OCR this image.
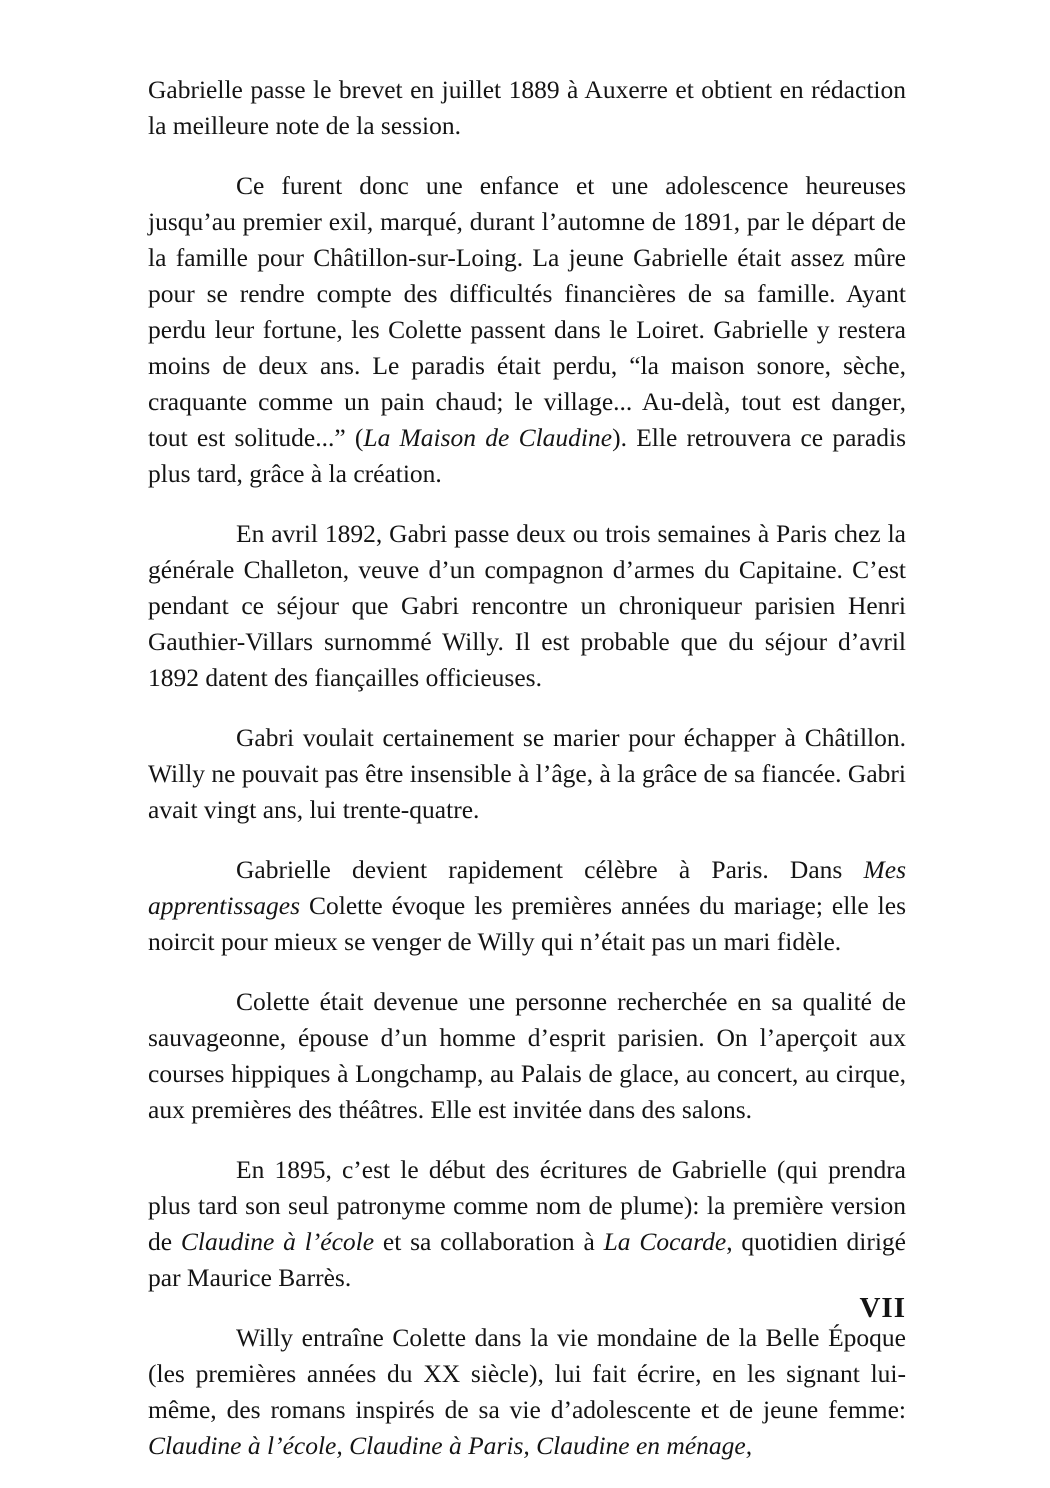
Gabrielle passe le brevet en juillet 1889 à Auxerre et obtient en rédaction la meilleure note de la session.

Ce furent donc une enfance et une adolescence heureuses jusqu’au premier exil, marqué, durant l’automne de 1891, par le départ de la famille pour Châtillon-sur-Loing. La jeune Gabrielle était assez mûre pour se rendre compte des difficultés financières de sa famille. Ayant perdu leur fortune, les Colette passent dans le Loiret. Gabrielle y restera moins de deux ans. Le paradis était perdu, “la maison sonore, sèche, craquante comme un pain chaud; le village... Au-delà, tout est danger, tout est solitude...” (La Maison de Claudine). Elle retrouvera ce paradis plus tard, grâce à la création.

En avril 1892, Gabri passe deux ou trois semaines à Paris chez la générale Challeton, veuve d’un compagnon d’armes du Capitaine. C’est pendant ce séjour que Gabri rencontre un chroniqueur parisien Henri Gauthier-Villars surnommé Willy. Il est probable que du séjour d’avril 1892 datent des fiançailles officieuses.

Gabri voulait certainement se marier pour échapper à Châtillon. Willy ne pouvait pas être insensible à l’âge, à la grâce de sa fiancée. Gabri avait vingt ans, lui trente-quatre.

Gabrielle devient rapidement célèbre à Paris. Dans Mes apprentissages Colette évoque les premières années du mariage; elle les noircit pour mieux se venger de Willy qui n’était pas un mari fidèle.

Colette était devenue une personne recherchée en sa qualité de sauvageonne, épouse d’un homme d’esprit parisien. On l’aperçoit aux courses hippiques à Longchamp, au Palais de glace, au concert, au cirque, aux premières des théâtres. Elle est invitée dans des salons.

En 1895, c’est le début des écritures de Gabrielle (qui prendra plus tard son seul patronyme comme nom de plume): la première version de Claudine à l’école et sa collaboration à La Cocarde, quotidien dirigé par Maurice Barrès.

Willy entraîne Colette dans la vie mondaine de la Belle Époque (les premières années du XX siècle), lui fait écrire, en les signant lui-même, des romans inspirés de sa vie d’adolescente et de jeune femme: Claudine à l’école, Claudine à Paris, Claudine en ménage,

VII
